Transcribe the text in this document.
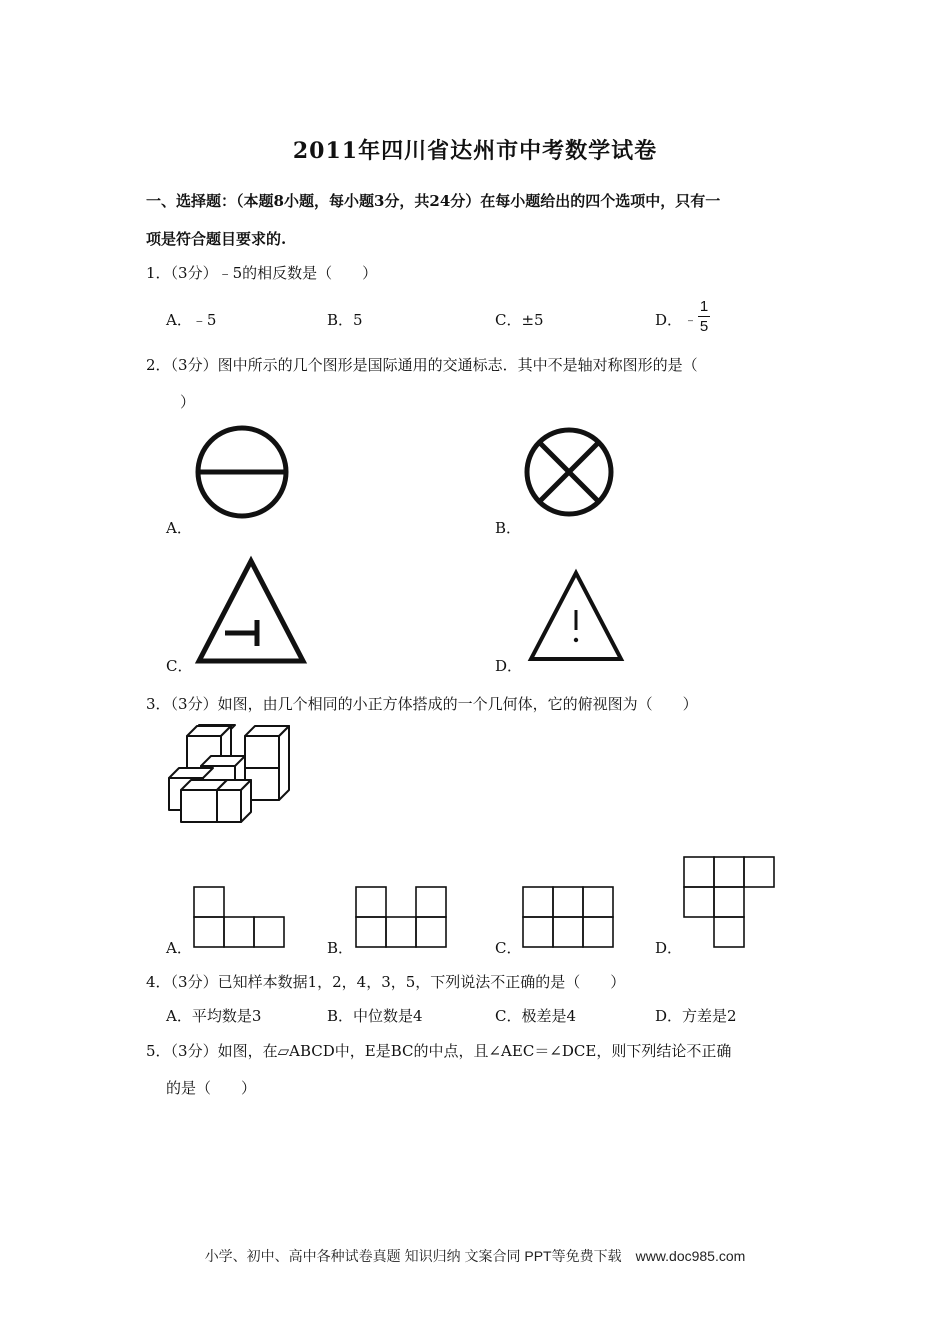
2011年四川省达州市中考数学试卷
一、选择题：（本题8小题，每小题3分，共24分）在每小题给出的四个选项中，只有一
项是符合题目要求的.
1．（3分）﹣5的相反数是（　　）
A．﹣5	B．5	C．±5	D． ﹣
1
5
2．（3分）图中所示的几个图形是国际通用的交通标志．其中不是轴对称图形的是（
）
A．	B．
C．	D．
3．（3分）如图，由几个相同的小正方体搭成的一个几何体，它的俯视图为（　　）
A．	B．	C．	D．
4．（3分）已知样本数据1，2，4，3，5，下列说法不正确的是（　　）
A．平均数是3	B．中位数是4	C．极差是4	D．方差是2
5．（3分）如图，在▱ABCD中，E是BC的中点，且∠AEC＝∠DCE，则下列结论不正确
的是（　　）
小学、初中、高中各种试卷真题 知识归纳 文案合同 PPT等免费下载　www.doc985.com
